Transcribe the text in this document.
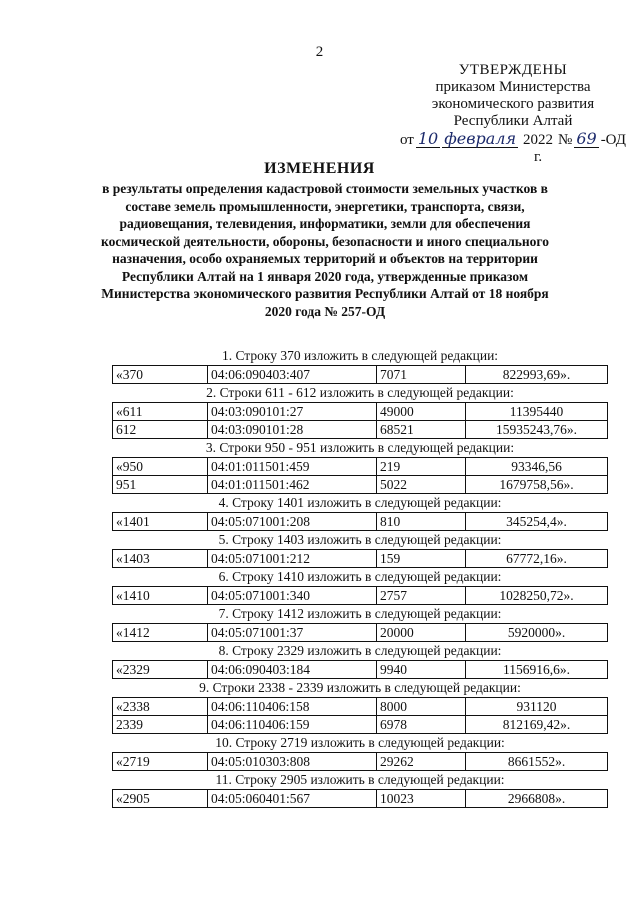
2
УТВЕРЖДЕНЫ
приказом Министерства
экономического развития
Республики Алтай
от 10 февраля 2022 г.
№ 69 -ОД
ИЗМЕНЕНИЯ
в результаты определения кадастровой стоимости земельных участков в составе земель промышленности, энергетики, транспорта, связи, радиовещания, телевидения, информатики, земли для обеспечения космической деятельности, обороны, безопасности и иного специального назначения, особо охраняемых территорий и объектов на территории Республики Алтай на 1 января 2020 года, утвержденные приказом Министерства экономического развития Республики Алтай от 18 ноября 2020 года № 257-ОД
1. Строку 370 изложить в следующей редакции:
«370	04:06:090403:407	7071	822993,69».
2. Строки 611 - 612 изложить в следующей редакции:
«611	04:03:090101:27	49000	11395440
612	04:03:090101:28	68521	15935243,76».
3. Строки 950 - 951 изложить в следующей редакции:
«950	04:01:011501:459	219	93346,56
951	04:01:011501:462	5022	1679758,56».
4. Строку 1401 изложить в следующей редакции:
«1401	04:05:071001:208	810	345254,4».
5. Строку 1403 изложить в следующей редакции:
«1403	04:05:071001:212	159	67772,16».
6. Строку 1410 изложить в следующей редакции:
«1410	04:05:071001:340	2757	1028250,72».
7. Строку 1412 изложить в следующей редакции:
«1412	04:05:071001:37	20000	5920000».
8. Строку 2329 изложить в следующей редакции:
«2329	04:06:090403:184	9940	1156916,6».
9. Строки 2338 - 2339 изложить в следующей редакции:
«2338	04:06:110406:158	8000	931120
2339	04:06:110406:159	6978	812169,42».
10. Строку 2719 изложить в следующей редакции:
«2719	04:05:010303:808	29262	8661552».
11. Строку 2905 изложить в следующей редакции:
«2905	04:05:060401:567	10023	2966808».
